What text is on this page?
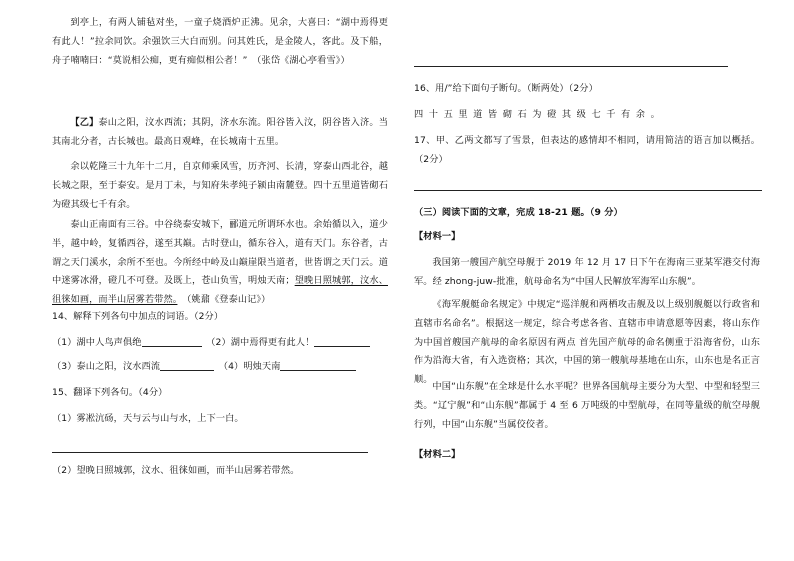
到亭上，有两人铺毡对坐，一童子烧酒炉正沸。见余，大喜曰：“湖中焉得更有此人！”拉余同饮。余强饮三大白而别。问其姓氏，是金陵人，客此。及下船，舟子喃喃曰：“莫说相公痴，更有痴似相公者！”　 （张岱《湖心亭看雪》）
【乙】泰山之阳，汶水西流；其阴，济水东流。阳谷皆入汶，阴谷皆入济。当其南北分者，古长城也。最高日观峰，在长城南十五里。
余以乾隆三十九年十二月，自京师乘风雪，历齐河、长清，穿泰山西北谷，越长城之限，至于泰安。是月丁未，与知府朱孝纯子颍由南麓登。四十五里道皆砌石为磴其级七千有余。
泰山正南面有三谷。中谷绕泰安城下，郦道元所谓环水也。余始循以入，道少半，越中岭，复循西谷，遂至其巅。古时登山，循东谷入，道有天门。东谷者，古谓之天门溪水，余所不至也。今所经中岭及山巅崖限当道者，世皆谓之天门云。道中迷雾冰滑，磴几不可登。及既上，苍山负雪，明烛天南；望晚日照城郭，汶水、徂徕如画，而半山居雾若带然。　 （姚鼐《登泰山记》）
14、解释下列各句中加点的词语。（2分）
（1）湖中人鸟声俱绝　	（2）湖中焉得更有此人！
（3）泰山之阳，汶水西流　	（4）明烛天南
15、翻译下列各句。（4分）
（1）雾凇沆砀，天与云与山与水，上下一白。
（2）望晚日照城郭，汶水、徂徕如画，而半山居雾若带然。
16、用/”给下面句子断句。（断两处）（2分）
四十五里道皆砌石为磴其级七千有余。
17、甲、乙两文都写了雪景，但表达的感情却不相同，请用简洁的语言加以概括。（2分）
（三）阅读下面的文章，完成 18-21 题。（9 分）
【材料一】
我国第一艘国产航空母舰于 2019 年 12 月 17 日下午在海南三亚某军港交付海军。经 zhong-juw-批准，航母命名为“中国人民解放军海军山东舰”。
《海军舰艇命名规定》中规定“巡洋舰和两栖攻击舰及以上级别舰艇以行政省和直辖市名命名”。根据这一规定，综合考虑各省、直辖市申请意愿等因素，将山东作为中国首艘国产航母的命名原因有两点 首先国产航母的命名侧重于沿海省份，山东作为沿海大省，有入选资格；其次，中国的第一艘航母基地在山东，山东也是名正言顺。
中国“山东舰”在全球是什么水平呢？世界各国航母主要分为大型、中型和轻型三类。“辽宁舰”和“山东舰”都属于 4 至 6 万吨级的中型航母，在同等量级的航空母舰行列，中国“山东舰”当属佼佼者。
【材料二】
